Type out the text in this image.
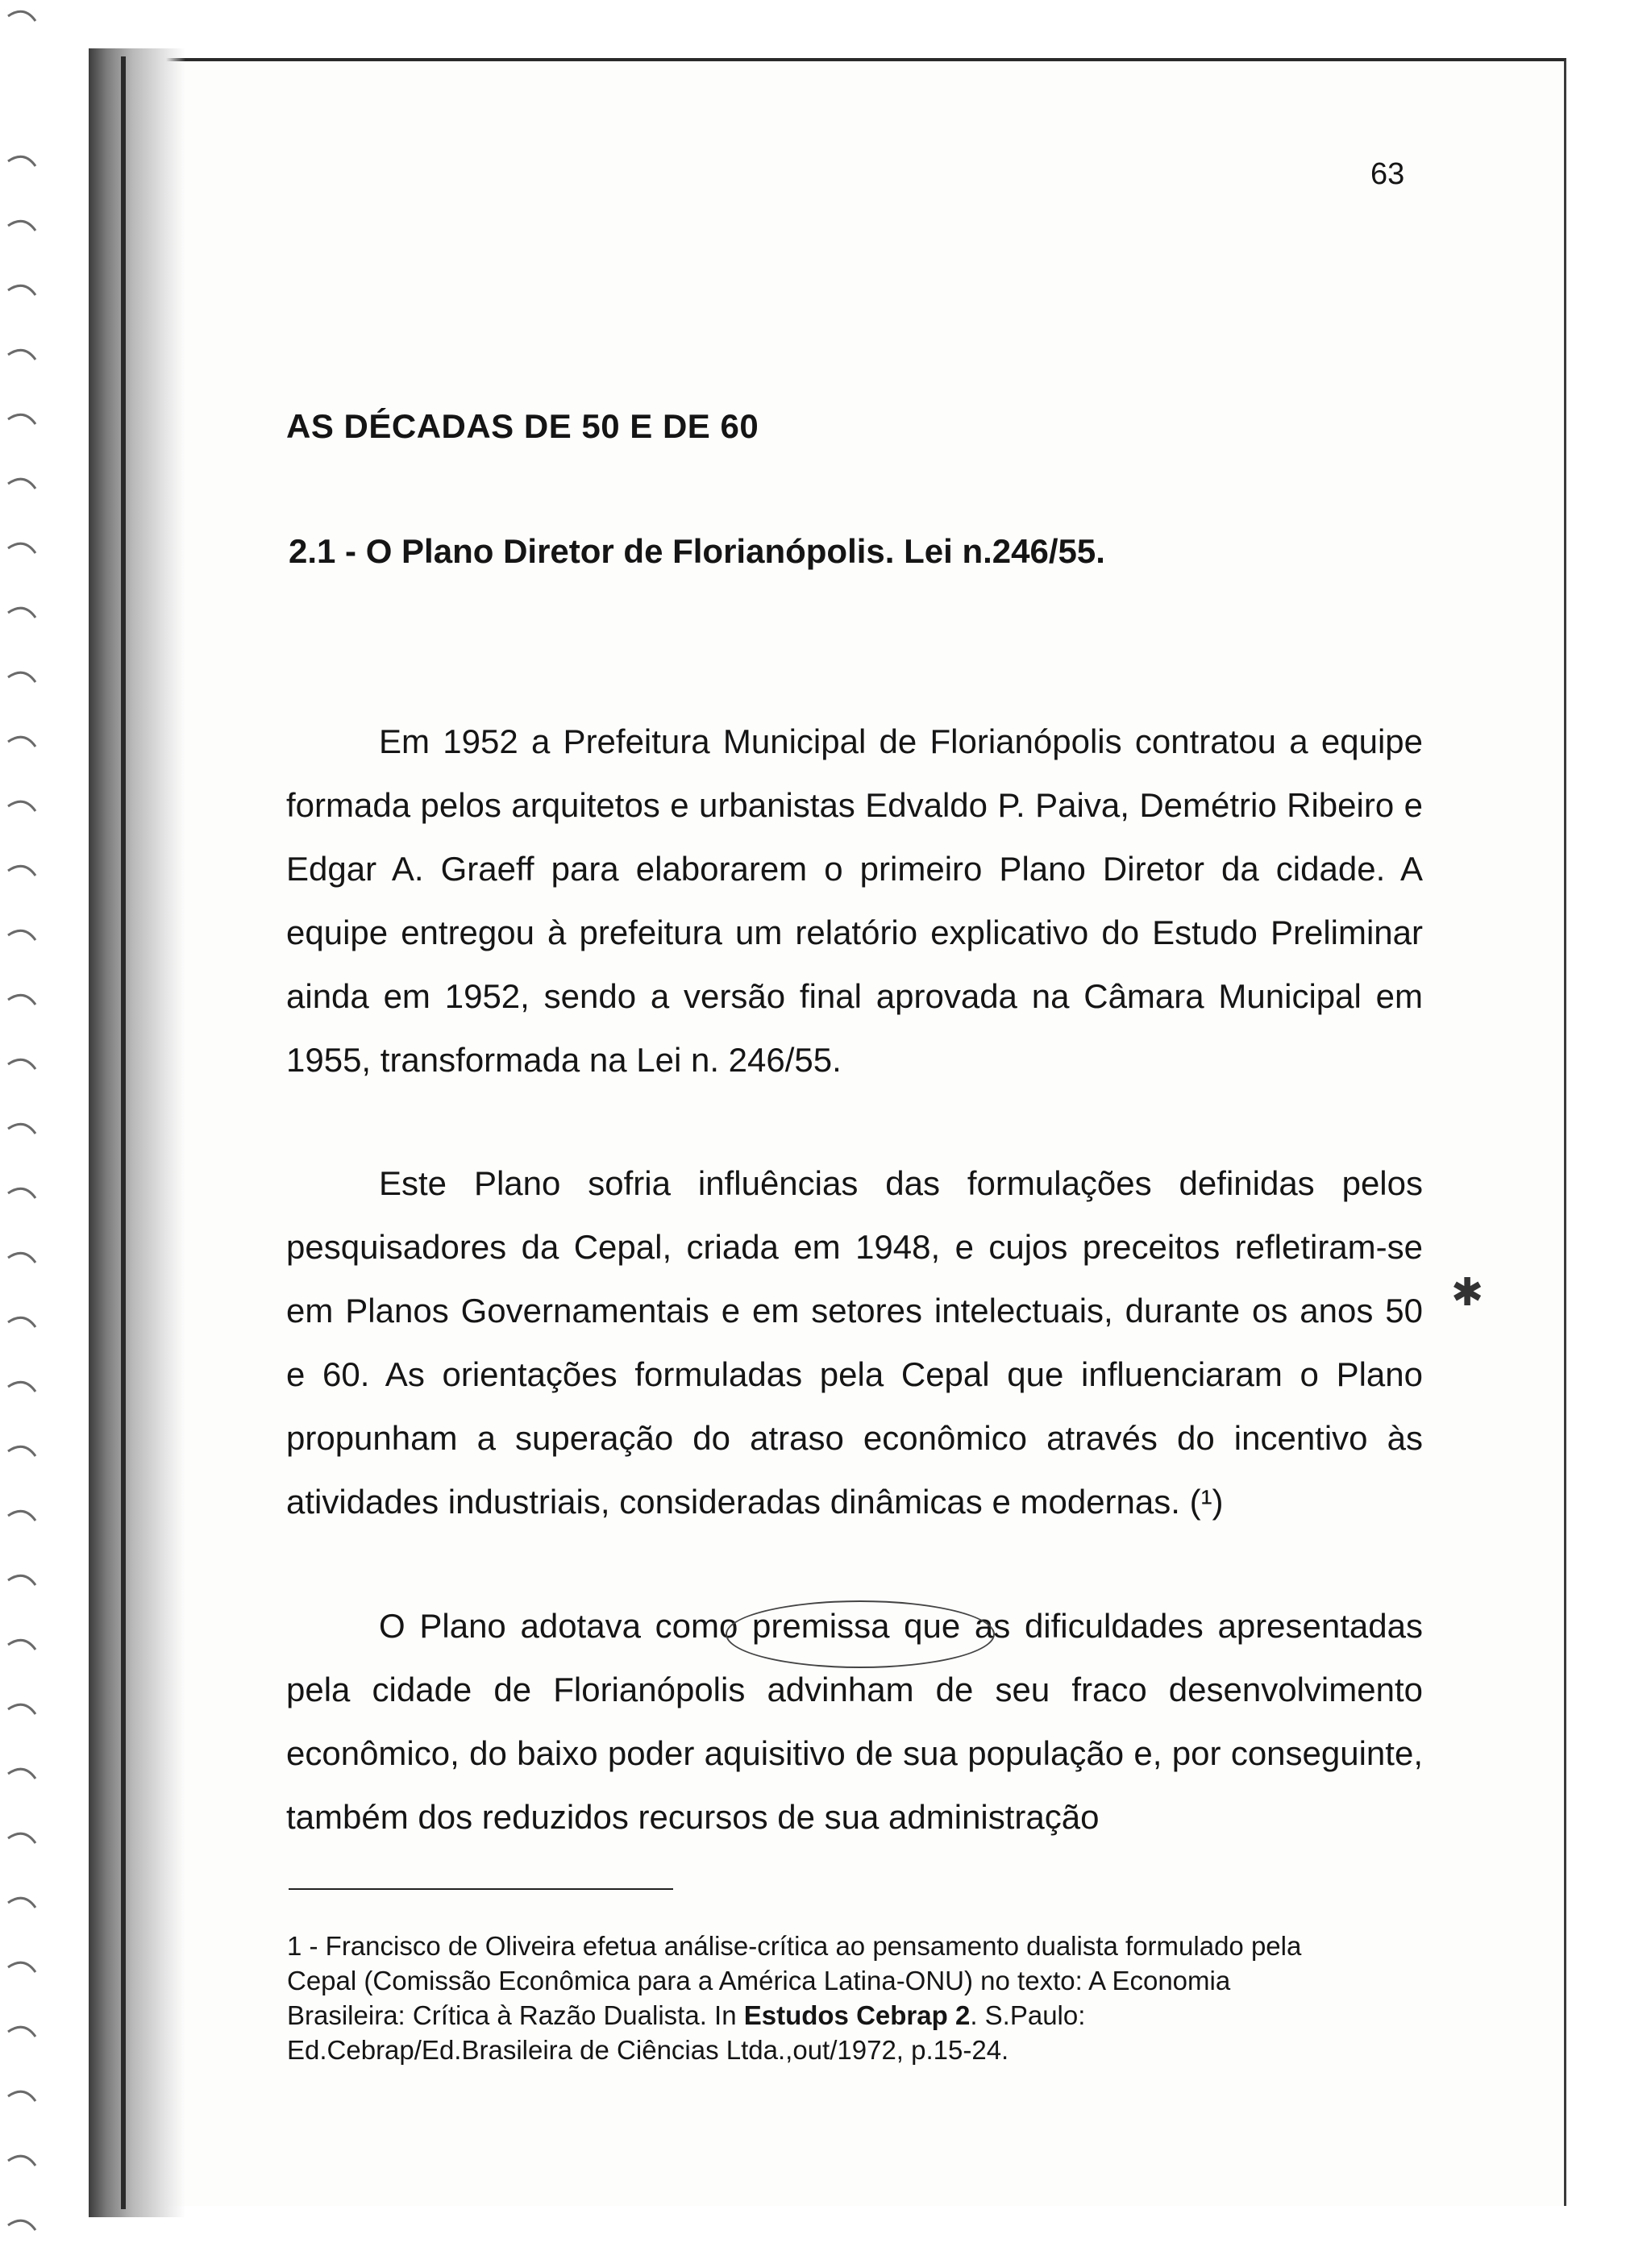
63
AS DÉCADAS DE 50 E DE 60
2.1 - O Plano Diretor de Florianópolis. Lei n.246/55.

Em 1952 a Prefeitura Municipal de Florianópolis contratou a equipe formada pelos arquitetos e urbanistas Edvaldo P. Paiva, Demétrio Ribeiro e Edgar A. Graeff para elaborarem o primeiro Plano Diretor da cidade. A equipe entregou à prefeitura um relatório explicativo do Estudo Preliminar ainda em 1952, sendo a versão final aprovada na Câmara Municipal em 1955, transformada na Lei n. 246/55.

Este Plano sofria influências das formulações definidas pelos pesquisadores da Cepal, criada em 1948, e cujos preceitos refletiram-se em Planos Governamentais e em setores intelectuais, durante os anos 50 e 60. As orientações formuladas pela Cepal que influenciaram o Plano propunham a superação do atraso econômico através do incentivo às atividades industriais, consideradas dinâmicas e modernas. (¹)

O Plano adotava como premissa que as dificuldades apresentadas pela cidade de Florianópolis advinham de seu fraco desenvolvimento econômico, do baixo poder aquisitivo de sua população e, por conseguinte, também dos reduzidos recursos de sua administração

✱

1 - Francisco de Oliveira efetua análise-crítica ao pensamento dualista formulado pela Cepal (Comissão Econômica para a América Latina-ONU) no texto: A Economia Brasileira: Crítica à Razão Dualista. In Estudos Cebrap 2. S.Paulo: Ed.Cebrap/Ed.Brasileira de Ciências Ltda.,out/1972, p.15-24.
